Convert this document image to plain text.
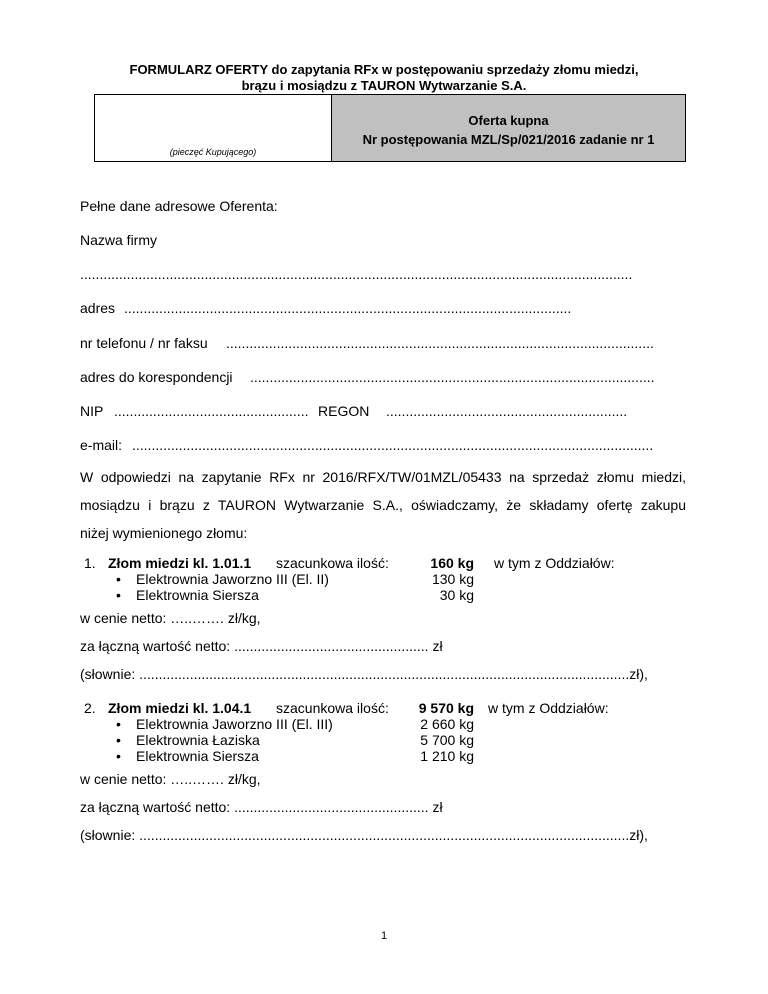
FORMULARZ OFERTY do zapytania RFx w postępowaniu sprzedaży złomu miedzi,
brązu i mosiądzu z TAURON Wytwarzanie S.A.
(pieczęć Kupującego)
Oferta kupna
Nr postępowania MZL/Sp/021/2016 zadanie nr 1
Pełne dane adresowe Oferenta:
Nazwa firmy
..............................................................................................................................................
adres ...................................................................................................................
nr telefonu / nr faksu ..............................................................................................................
adres do korespondencji ........................................................................................................
NIP .................................................. REGON ..............................................................
e-mail: ......................................................................................................................................
W odpowiedzi na zapytanie RFx nr 2016/RFX/TW/01MZL/05433 na sprzedaż złomu miedzi,
mosiądzu i brązu z TAURON Wytwarzanie S.A., oświadczamy, że składamy ofertę zakupu
niżej wymienionego złomu:
1. Złom miedzi kl. 1.01.1 szacunkowa ilość:	160 kg w tym z Oddziałów:
• Elektrownia Jaworzno III (El. II)	130 kg
• Elektrownia Siersza	30 kg
w cenie netto: …..……. zł/kg,
za łączną wartość netto: .................................................. zł
(słownie: ..............................................................................................................................zł),
2. Złom miedzi kl. 1.04.1 szacunkowa ilość:	9 570 kg w tym z Oddziałów:
• Elektrownia Jaworzno III (El. III)	2 660 kg
• Elektrownia Łaziska	5 700 kg
• Elektrownia Siersza	1 210 kg
w cenie netto: …..……. zł/kg,
za łączną wartość netto: .................................................. zł
(słownie: ..............................................................................................................................zł),
1
